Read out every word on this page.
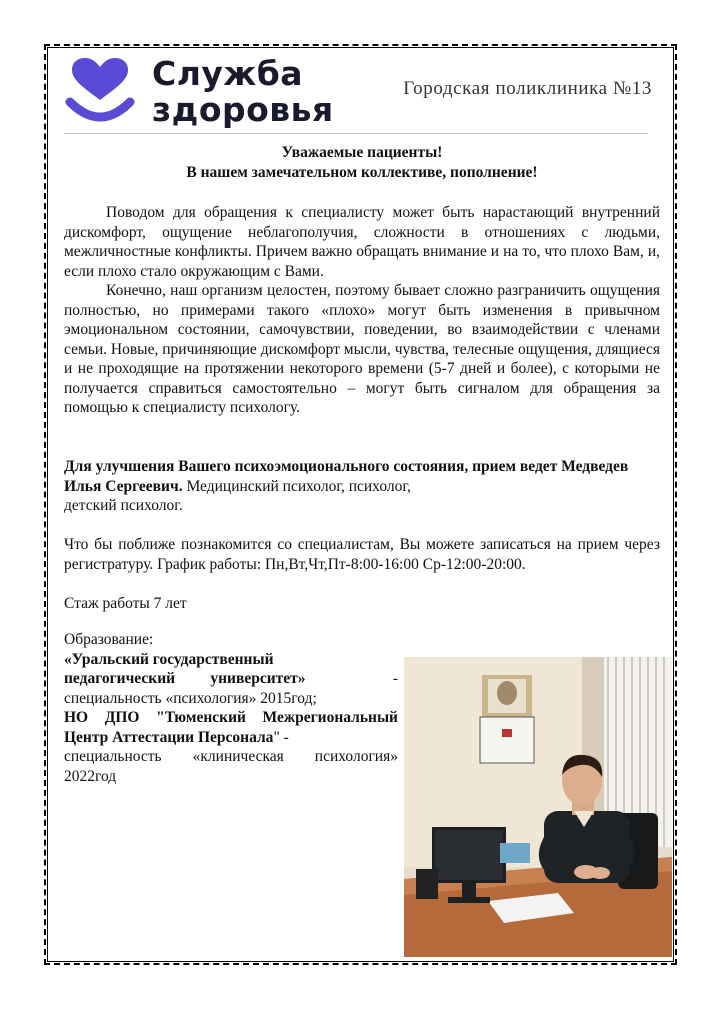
Служба
здоровья
Городская поликлиника №13
Уважаемые пациенты!
В нашем замечательном коллективе, пополнение!

Поводом для обращения к специалисту может быть нарастающий внутренний дискомфорт, ощущение неблагополучия, сложности в отношениях с людьми, межличностные конфликты. Причем важно обращать внимание и на то, что плохо Вам, и, если плохо стало окружающим с Вами.

Конечно, наш организм целостен, поэтому бывает сложно разграничить ощущения полностью, но примерами такого «плохо» могут быть изменения в привычном эмоциональном состоянии, самочувствии, поведении, во взаимодействии с членами семьи. Новые, причиняющие дискомфорт мысли, чувства, телесные ощущения, длящиеся и не проходящие на протяжении некоторого времени (5-7 дней и более), с которыми не получается справиться самостоятельно – могут быть сигналом для обращения за помощью к специалисту психологу.

Для улучшения Вашего психоэмоционального состояния, прием ведет Медведев Илья Сергеевич. Медицинский психолог, психолог,
детский психолог.
Что бы поближе познакомится со специалистам, Вы можете записаться на прием через регистратуру. График работы: Пн,Вт,Чт,Пт-8:00-16:00 Ср-12:00-20:00.
Стаж работы 7 лет
Образование:
«Уральский государственный
педагогический университет»	-
специальность «психология» 2015год;
НО ДПО "Тюменский Межрегиональный
Центр Аттестации Персонала" -
специальность «клиническая психология»
2022год
